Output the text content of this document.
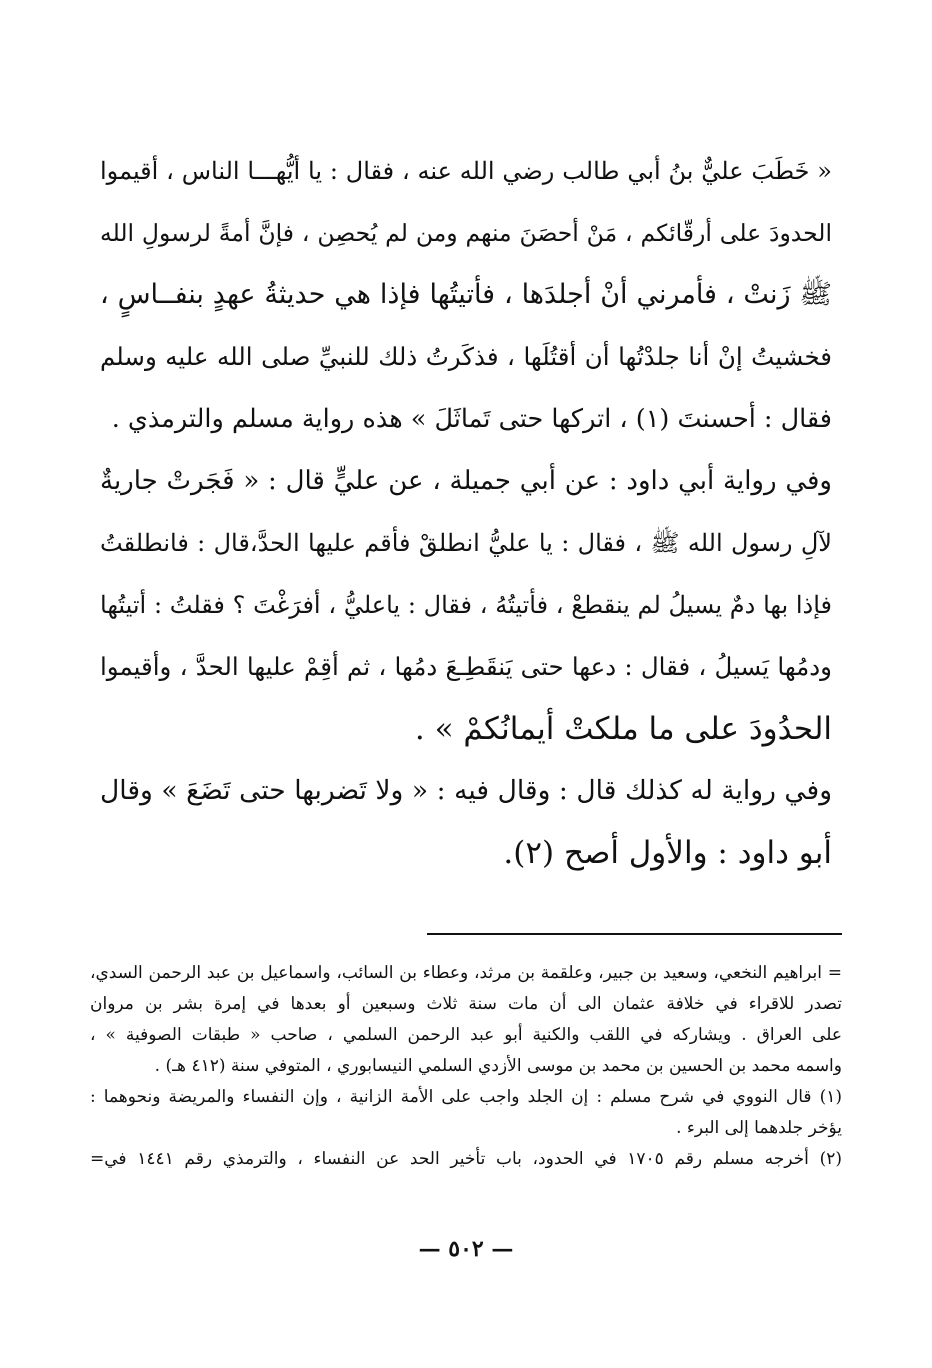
« خَطَبَ عليٌّ بنُ أبي طالب رضي الله عنه ، فقال : يا أيُّهـــا الناس ، أقيموا
الحدودَ على أرقّائكم ، مَنْ أحصَنَ منهم ومن لم يُحصِن ، فإنَّ أمةً لرسولِ الله
ﷺ زَنتْ ، فأمرني أنْ أجلدَها ، فأتيتُها فإذا هي حديثةُ عهدٍ بنفــاسٍ ،
فخشيتُ إنْ أنا جلدْتُها أن أقتُلَها ، فذكَرتُ ذلك للنبيِّ صلى الله عليه وسلم
فقال : أحسنتَ (١) ، اتركها حتى تَماثَلَ » هذه رواية مسلم والترمذي .
وفي رواية أبي داود : عن أبي جميلة ، عن عليٍّ قال : « فَجَرتْ جاريةٌ
لآلِ رسول الله ﷺ ، فقال : يا عليُّ انطلقْ فأقم عليها الحدَّ،قال : فانطلقتُ
فإذا بها دمٌ يسيلُ لم ينقطعْ ، فأتيتُهُ ، فقال : ياعليُّ ، أفرَغْتَ ؟ فقلتُ : أتيتُها
ودمُها يَسيلُ ، فقال : دعها حتى يَنقَطِـعَ دمُها ، ثم أقِمْ عليها الحدَّ ، وأقيموا
الحدُودَ على ما ملكتْ أيمانُكمْ » .
وفي رواية له كذلك قال : وقال فيه : « ولا تَضربها حتى تَضَعَ » وقال
أبو داود : والأول أصح (٢).
= ابراهيم النخعي، وسعيد بن جبير، وعلقمة بن مرثد، وعطاء بن السائب، واسماعيل بن عبد الرحمن السدي،
تصدر للاقراء في خلافة عثمان الى أن مات سنة ثلاث وسبعين أو بعدها في إمرة بشر بن مروان
على العراق . ويشاركه في اللقب والكنية أبو عبد الرحمن السلمي ، صاحب « طبقات الصوفية » ،
واسمه محمد بن الحسين بن محمد بن موسى الأزدي السلمي النيسابوري ، المتوفي سنة (٤١٢ هـ) .
(١) قال النووي في شرح مسلم : إن الجلد واجب على الأمة الزانية ، وإن النفساء والمريضة ونحوهما :
يؤخر جلدهما إلى البرء .
(٢) أخرجه مسلم رقم ١٧٠٥ في الحدود، باب تأخير الحد عن النفساء ، والترمذي رقم ١٤٤١ في=
— ٥٠٢ —
